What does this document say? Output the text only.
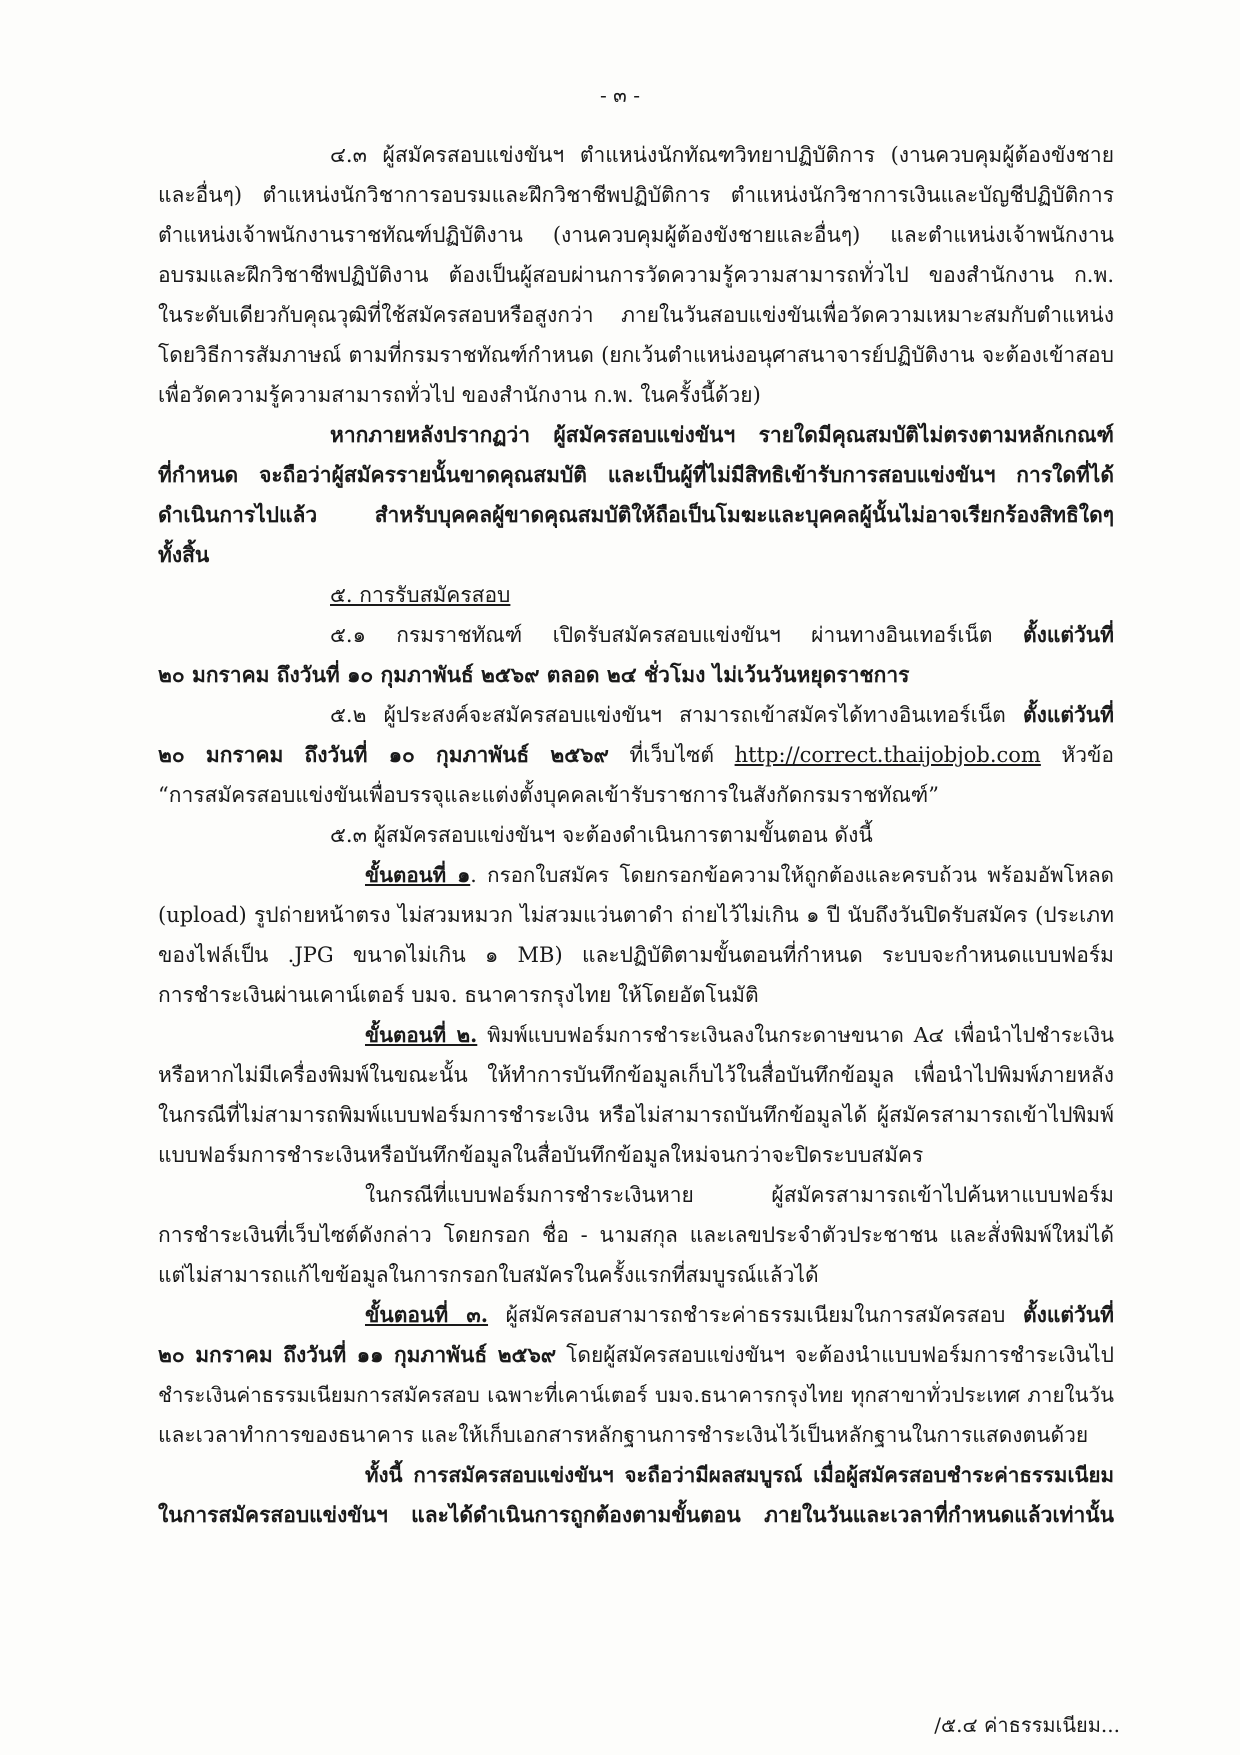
- ๓ -
๔.๓ ผู้สมัครสอบแข่งขันฯ ตำแหน่งนักทัณฑวิทยาปฏิบัติการ (งานควบคุมผู้ต้องขังชาย
และอื่นๆ) ตำแหน่งนักวิชาการอบรมและฝึกวิชาชีพปฏิบัติการ ตำแหน่งนักวิชาการเงินและบัญชีปฏิบัติการ
ตำแหน่งเจ้าพนักงานราชทัณฑ์ปฏิบัติงาน (งานควบคุมผู้ต้องขังชายและอื่นๆ) และตำแหน่งเจ้าพนักงาน
อบรมและฝึกวิชาชีพปฏิบัติงาน ต้องเป็นผู้สอบผ่านการวัดความรู้ความสามารถทั่วไป ของสำนักงาน ก.พ.
ในระดับเดียวกับคุณวุฒิที่ใช้สมัครสอบหรือสูงกว่า ภายในวันสอบแข่งขันเพื่อวัดความเหมาะสมกับตำแหน่ง
โดยวิธีการสัมภาษณ์ ตามที่กรมราชทัณฑ์กำหนด (ยกเว้นตำแหน่งอนุศาสนาจารย์ปฏิบัติงาน จะต้องเข้าสอบ
เพื่อวัดความรู้ความสามารถทั่วไป ของสำนักงาน ก.พ. ในครั้งนี้ด้วย)
หากภายหลังปรากฏว่า ผู้สมัครสอบแข่งขันฯ รายใดมีคุณสมบัติไม่ตรงตามหลักเกณฑ์
ที่กำหนด จะถือว่าผู้สมัครรายนั้นขาดคุณสมบัติ และเป็นผู้ที่ไม่มีสิทธิเข้ารับการสอบแข่งขันฯ การใดที่ได้
ดำเนินการไปแล้ว สำหรับบุคคลผู้ขาดคุณสมบัติให้ถือเป็นโมฆะและบุคคลผู้นั้นไม่อาจเรียกร้องสิทธิใดๆ
ทั้งสิ้น
๕. การรับสมัครสอบ
๕.๑ กรมราชทัณฑ์ เปิดรับสมัครสอบแข่งขันฯ ผ่านทางอินเทอร์เน็ต ตั้งแต่วันที่
๒๐ มกราคม ถึงวันที่ ๑๐ กุมภาพันธ์ ๒๕๖๙ ตลอด ๒๔ ชั่วโมง ไม่เว้นวันหยุดราชการ
๕.๒ ผู้ประสงค์จะสมัครสอบแข่งขันฯ สามารถเข้าสมัครได้ทางอินเทอร์เน็ต ตั้งแต่วันที่
๒๐ มกราคม ถึงวันที่ ๑๐ กุมภาพันธ์ ๒๕๖๙ ที่เว็บไซต์ http://correct.thaijobjob.com หัวข้อ
“การสมัครสอบแข่งขันเพื่อบรรจุและแต่งตั้งบุคคลเข้ารับราชการในสังกัดกรมราชทัณฑ์”
๕.๓ ผู้สมัครสอบแข่งขันฯ จะต้องดำเนินการตามขั้นตอน ดังนี้
ขั้นตอนที่ ๑. กรอกใบสมัคร โดยกรอกข้อความให้ถูกต้องและครบถ้วน พร้อมอัพโหลด
(upload) รูปถ่ายหน้าตรง ไม่สวมหมวก ไม่สวมแว่นตาดำ ถ่ายไว้ไม่เกิน ๑ ปี นับถึงวันปิดรับสมัคร (ประเภท
ของไฟล์เป็น .JPG ขนาดไม่เกิน ๑ MB) และปฏิบัติตามขั้นตอนที่กำหนด ระบบจะกำหนดแบบฟอร์ม
การชำระเงินผ่านเคาน์เตอร์ บมจ. ธนาคารกรุงไทย ให้โดยอัตโนมัติ
ขั้นตอนที่ ๒. พิมพ์แบบฟอร์มการชำระเงินลงในกระดาษขนาด A๔ เพื่อนำไปชำระเงิน
หรือหากไม่มีเครื่องพิมพ์ในขณะนั้น ให้ทำการบันทึกข้อมูลเก็บไว้ในสื่อบันทึกข้อมูล เพื่อนำไปพิมพ์ภายหลัง
ในกรณีที่ไม่สามารถพิมพ์แบบฟอร์มการชำระเงิน หรือไม่สามารถบันทึกข้อมูลได้ ผู้สมัครสามารถเข้าไปพิมพ์
แบบฟอร์มการชำระเงินหรือบันทึกข้อมูลในสื่อบันทึกข้อมูลใหม่จนกว่าจะปิดระบบสมัคร
ในกรณีที่แบบฟอร์มการชำระเงินหาย ผู้สมัครสามารถเข้าไปค้นหาแบบฟอร์ม
การชำระเงินที่เว็บไซต์ดังกล่าว โดยกรอก ชื่อ - นามสกุล และเลขประจำตัวประชาชน และสั่งพิมพ์ใหม่ได้
แต่ไม่สามารถแก้ไขข้อมูลในการกรอกใบสมัครในครั้งแรกที่สมบูรณ์แล้วได้
ขั้นตอนที่ ๓. ผู้สมัครสอบสามารถชำระค่าธรรมเนียมในการสมัครสอบ ตั้งแต่วันที่
๒๐ มกราคม ถึงวันที่ ๑๑ กุมภาพันธ์ ๒๕๖๙ โดยผู้สมัครสอบแข่งขันฯ จะต้องนำแบบฟอร์มการชำระเงินไป
ชำระเงินค่าธรรมเนียมการสมัครสอบ เฉพาะที่เคาน์เตอร์ บมจ.ธนาคารกรุงไทย ทุกสาขาทั่วประเทศ ภายในวัน
และเวลาทำการของธนาคาร และให้เก็บเอกสารหลักฐานการชำระเงินไว้เป็นหลักฐานในการแสดงตนด้วย
ทั้งนี้ การสมัครสอบแข่งขันฯ จะถือว่ามีผลสมบูรณ์ เมื่อผู้สมัครสอบชำระค่าธรรมเนียม
ในการสมัครสอบแข่งขันฯ และได้ดำเนินการถูกต้องตามขั้นตอน ภายในวันและเวลาที่กำหนดแล้วเท่านั้น
/๕.๔ ค่าธรรมเนียม...
